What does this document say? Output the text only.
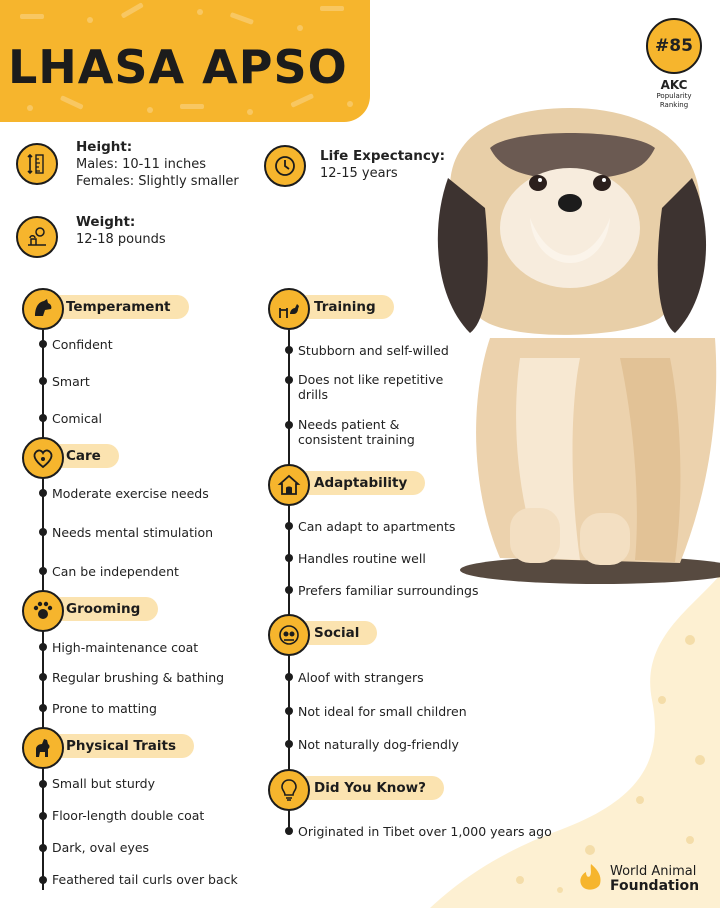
LHASA APSO	#85
AKC
Popularity
Ranking
Height:
Males: 10-11 inches
Females: Slightly smaller
Life Expectancy:
12-15 years
Weight:
12-18 pounds
Temperament
Confident
Smart
Comical
Care
Moderate exercise needs
Needs mental stimulation
Can be independent
Grooming
High-maintenance coat
Regular brushing & bathing
Prone to matting
Physical Traits
Small but sturdy
Floor-length double coat
Dark, oval eyes
Feathered tail curls over back
Training
Stubborn and self-willed
Does not like repetitive drills
Needs patient & consistent training
Adaptability
Can adapt to apartments
Handles routine well
Prefers familiar surroundings
Social
Aloof with strangers
Not ideal for small children
Not naturally dog-friendly
Did You Know?
Originated in Tibet over 1,000 years ago
World Animal
Foundation
